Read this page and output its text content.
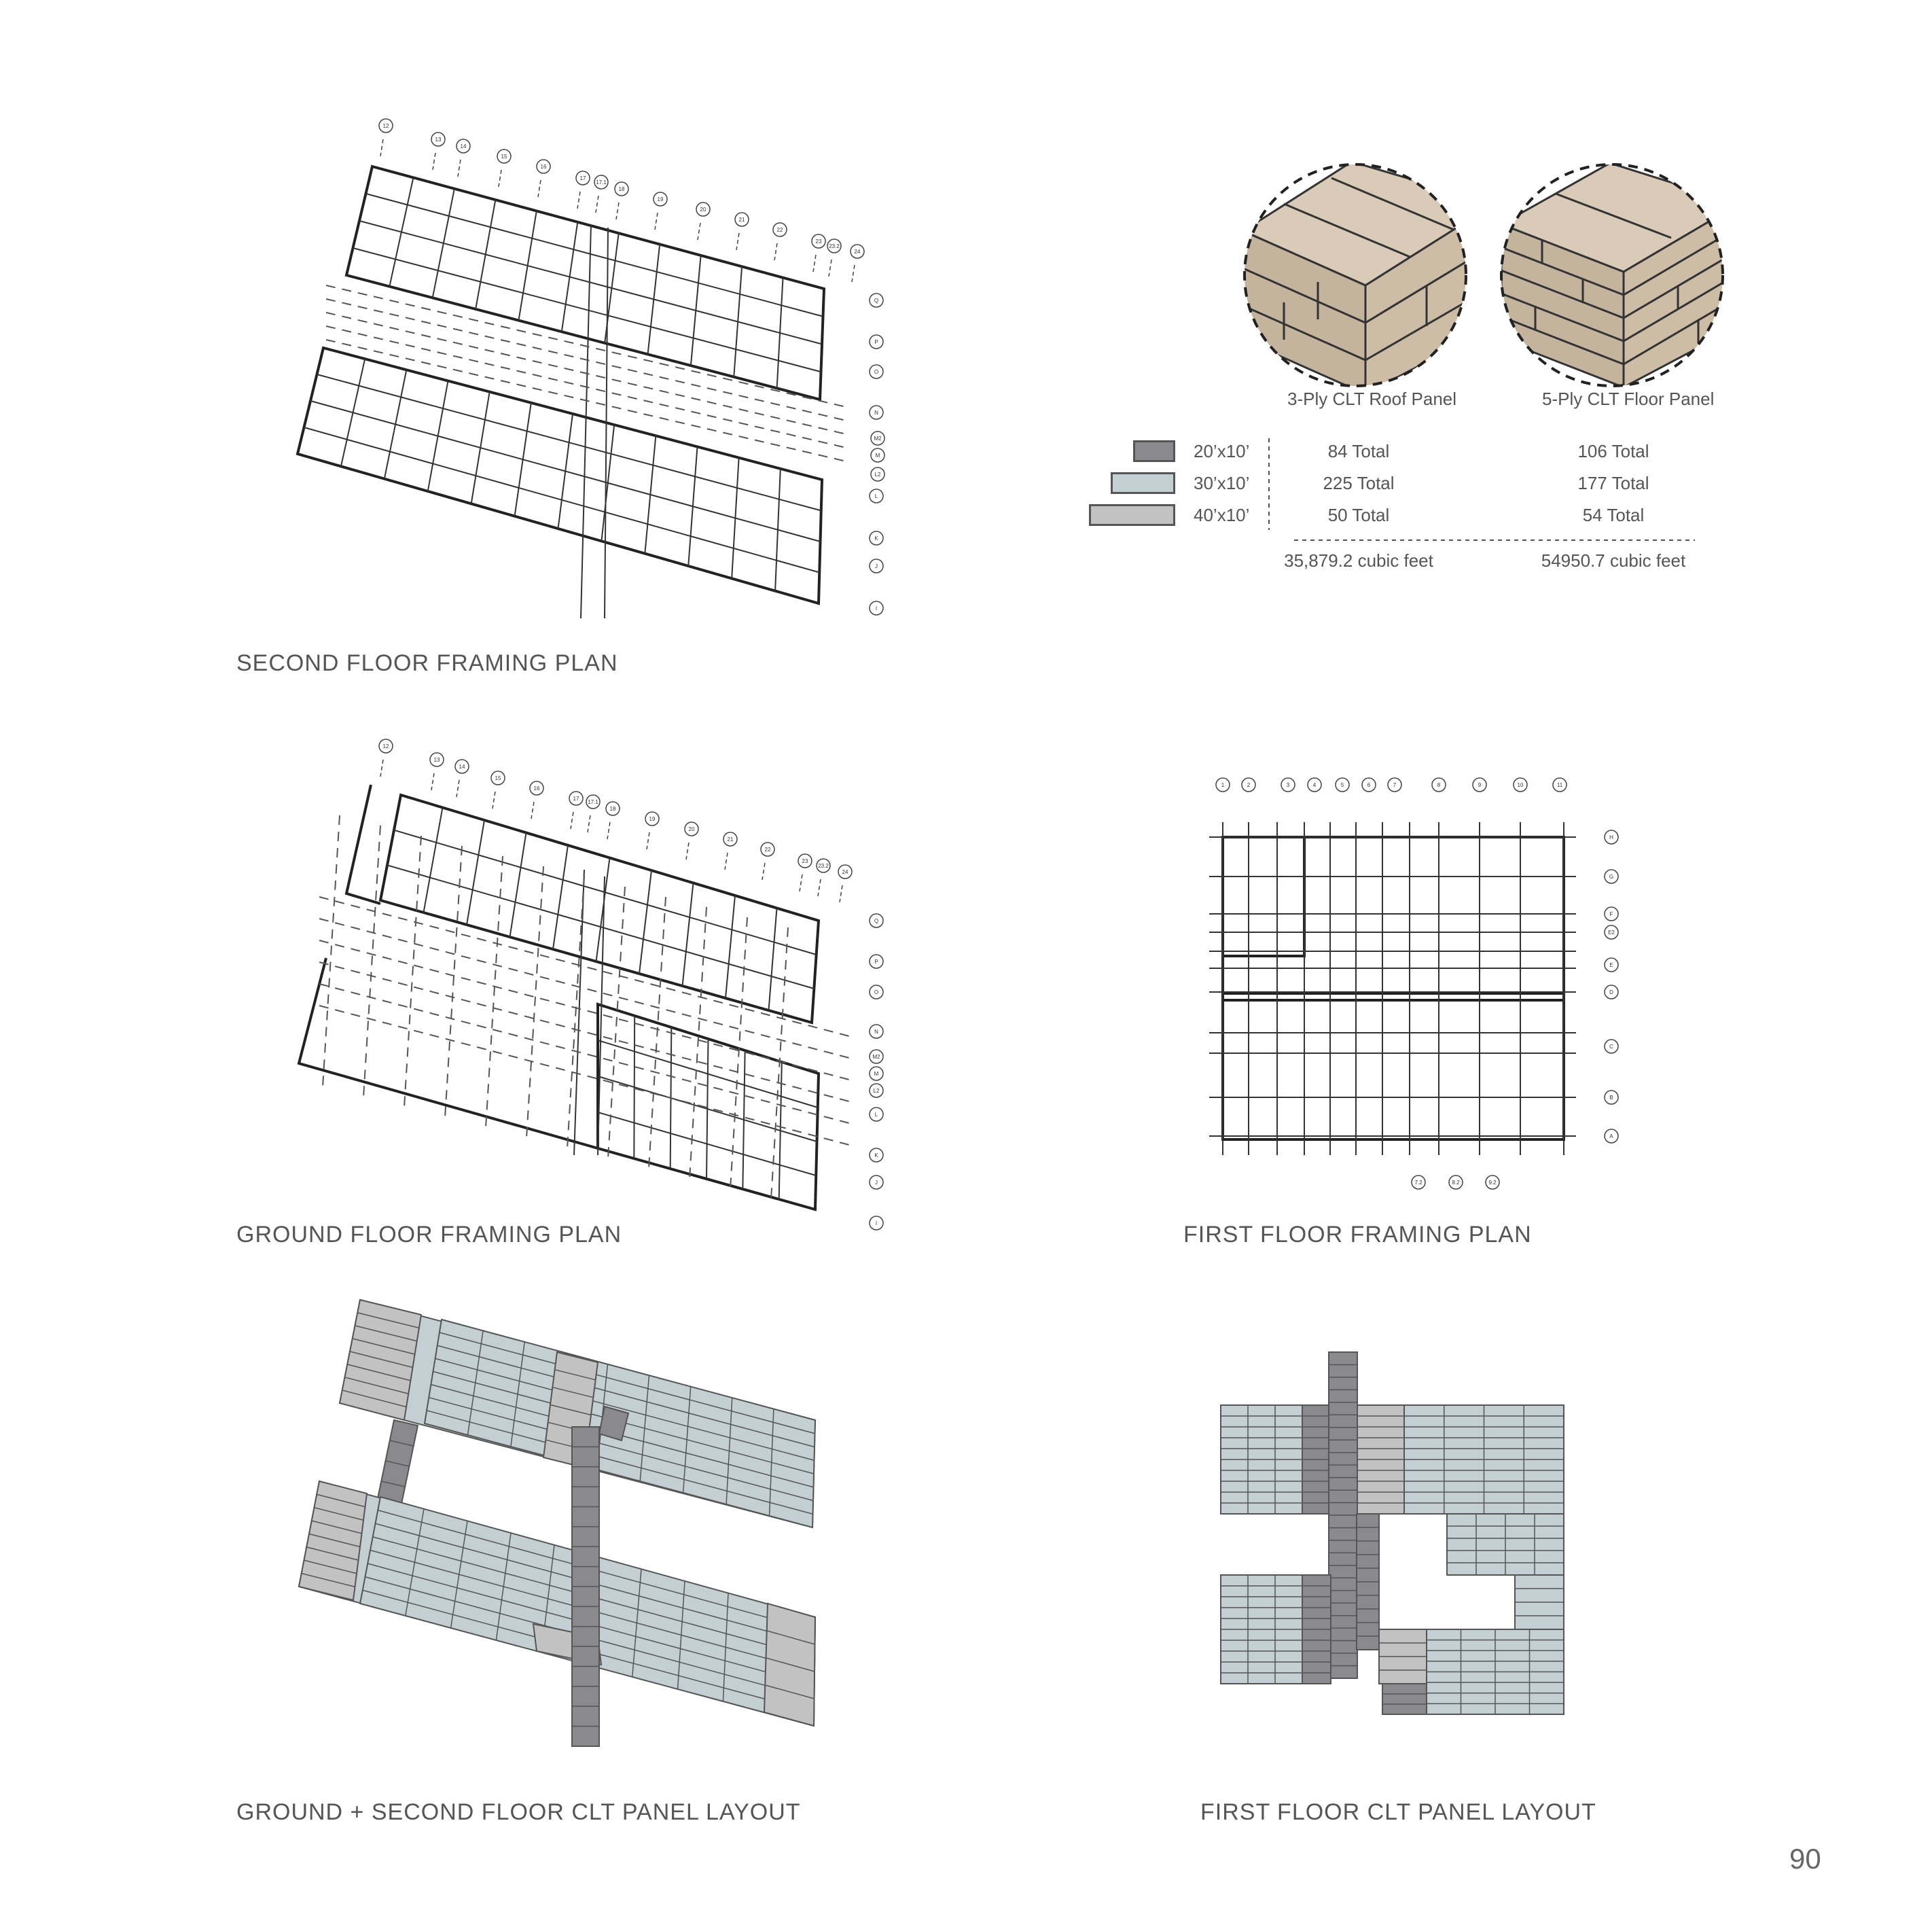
12
13
14
15
16
17
17.1
18
19
20
21
22
23
23.2
24
Q
P
O
N
M2
M
L2
L
K
J
I
12
13
14
15
16
17
17.1
18
19
20
21
22
23
23.2
24
Q
P
O
N
M2
M
L2
L
K
J
I
1	2	3	4	5	6	7	8	9	10	11
H
G
F
E2
E
D
C
B
A
7.2	8.2	9.2
3-Ply CLT Roof Panel	5-Ply CLT Floor Panel
20’x10’	84 Total	106 Total
30’x10’	225 Total	177 Total
40’x10’	50 Total	54 Total
35,879.2 cubic feet	54950.7 cubic feet
SECOND FLOOR FRAMING PLAN
GROUND FLOOR FRAMING PLAN	FIRST FLOOR FRAMING PLAN
GROUND + SECOND FLOOR CLT PANEL LAYOUT	FIRST FLOOR CLT PANEL LAYOUT
90
